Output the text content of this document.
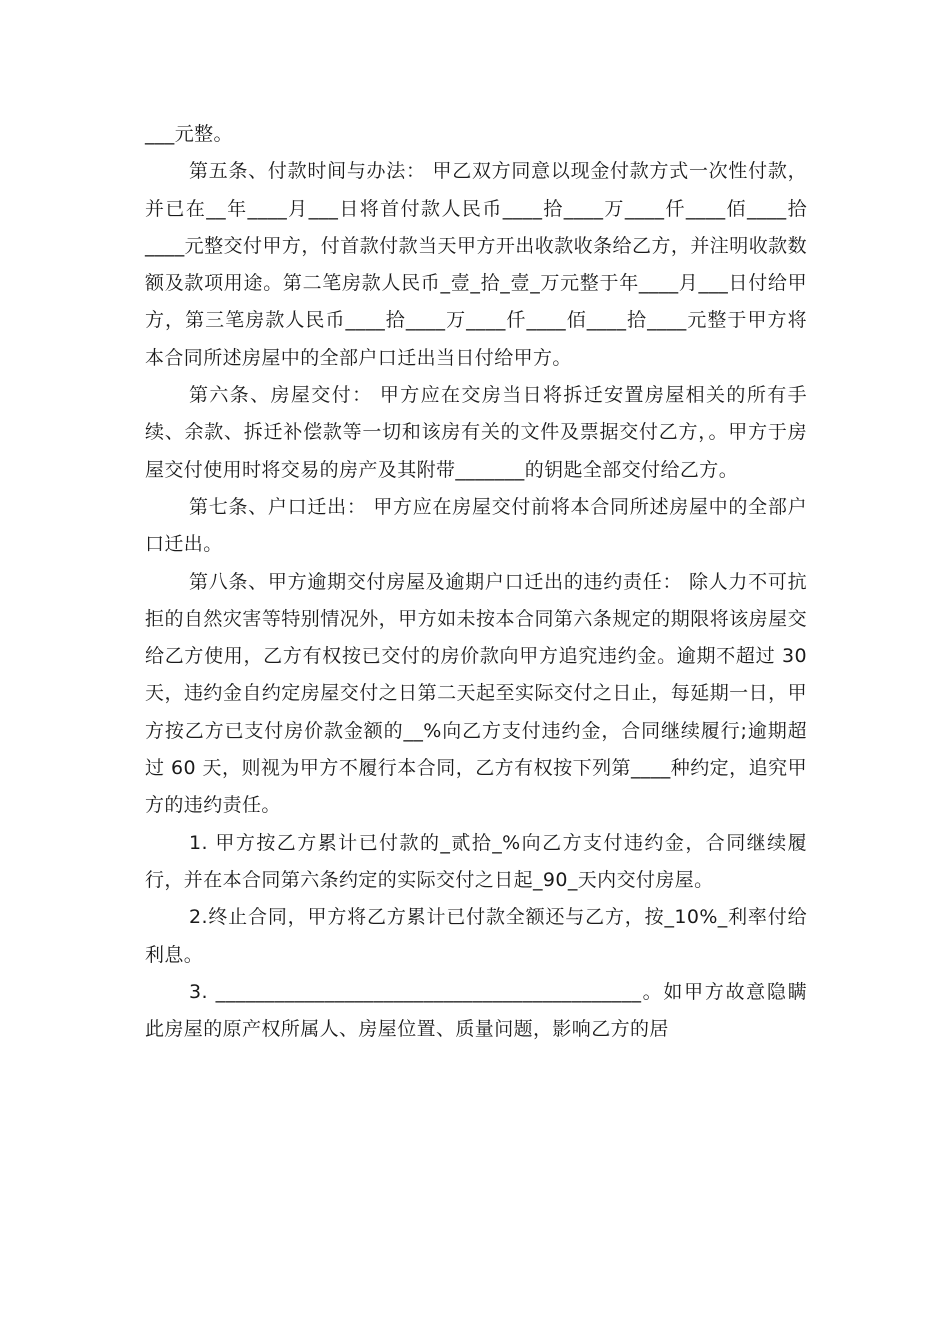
___元整。

第五条、付款时间与办法： 甲乙双方同意以现金付款方式一次性付款，并已在__年____月___日将首付款人民币____拾____万____仟____佰____拾____元整交付甲方，付首款付款当天甲方开出收款收条给乙方，并注明收款数额及款项用途。第二笔房款人民币_壹_拾_壹_万元整于年____月___日付给甲方，第三笔房款人民币____拾____万____仟____佰____拾____元整于甲方将本合同所述房屋中的全部户口迁出当日付给甲方。

第六条、房屋交付： 甲方应在交房当日将拆迁安置房屋相关的所有手续、余款、拆迁补偿款等一切和该房有关的文件及票据交付乙方，。甲方于房屋交付使用时将交易的房产及其附带_______的钥匙全部交付给乙方。

第七条、户口迁出： 甲方应在房屋交付前将本合同所述房屋中的全部户口迁出。

第八条、甲方逾期交付房屋及逾期户口迁出的违约责任： 除人力不可抗拒的自然灾害等特别情况外，甲方如未按本合同第六条规定的期限将该房屋交给乙方使用，乙方有权按已交付的房价款向甲方追究违约金。逾期不超过 30 天，违约金自约定房屋交付之日第二天起至实际交付之日止，每延期一日，甲方按乙方已支付房价款金额的__%向乙方支付违约金，合同继续履行;逾期超过 60 天，则视为甲方不履行本合同，乙方有权按下列第____种约定，追究甲方的违约责任。

1. 甲方按乙方累计已付款的_贰拾_%向乙方支付违约金，合同继续履行，并在本合同第六条约定的实际交付之日起_90_天内交付房屋。

2.终止合同，甲方将乙方累计已付款全额还与乙方，按_10%_利率付给利息。

3. ___________________________________________。如甲方故意隐瞒此房屋的原产权所属人、房屋位置、质量问题，影响乙方的居
